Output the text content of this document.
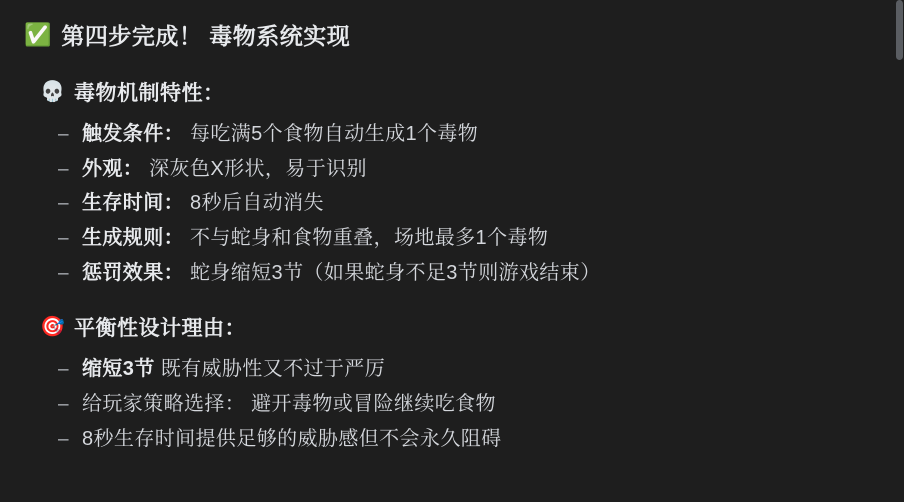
✅ 第四步完成！ 毒物系统实现
💀 毒物机制特性：
– 触发条件： 每吃满5个食物自动生成1个毒物
– 外观： 深灰色X形状，易于识别
– 生存时间： 8秒后自动消失
– 生成规则： 不与蛇身和食物重叠，场地最多1个毒物
– 惩罚效果： 蛇身缩短3节（如果蛇身不足3节则游戏结束）
🎯 平衡性设计理由：
– 缩短3节 既有威胁性又不过于严厉
– 给玩家策略选择： 避开毒物或冒险继续吃食物
– 8秒生存时间提供足够的威胁感但不会永久阻碍
